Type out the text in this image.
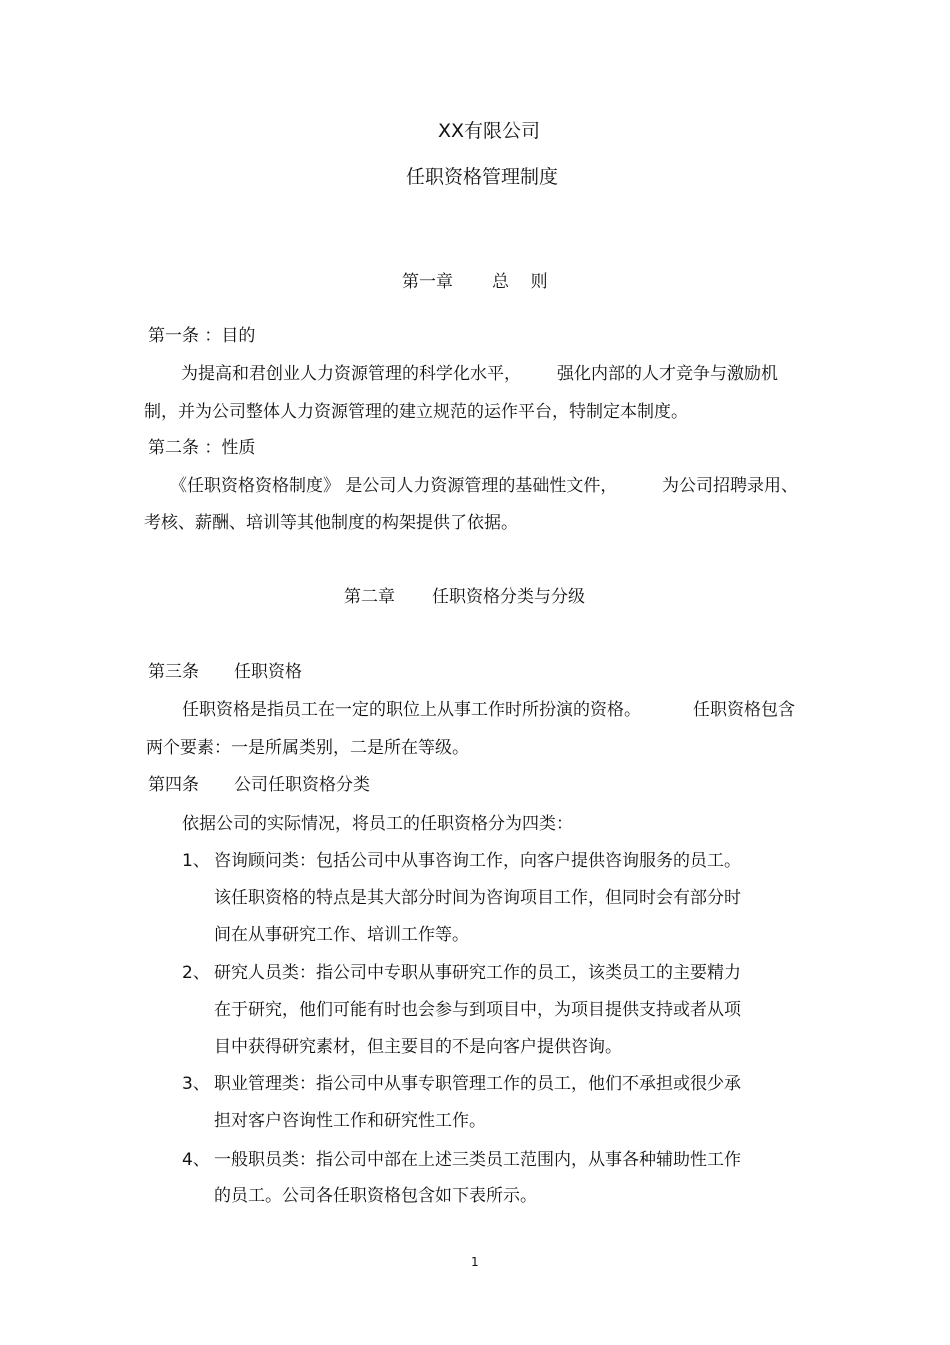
XX有限公司
任职资格管理制度
第一章 总    则
第一条 ：目的
为提高和君创业人力资源管理的科学化水平， 强化内部的人才竞争与激励机
制，并为公司整体人力资源管理的建立规范的运作平台，特制定本制度。
第二条 ：性质
《任职资格资格制度》 是公司人力资源管理的基础性文件，	为公司招聘录用、
考核、薪酬、培训等其他制度的构架提供了依据。
第二章 任职资格分类与分级
第三条 任职资格
任职资格是指员工在一定的职位上从事工作时所扮演的资格。	任职资格包含
两个要素：一是所属类别，二是所在等级。
第四条 公司任职资格分类
依据公司的实际情况，将员工的任职资格分为四类：
1、 咨询顾问类：包括公司中从事咨询工作，向客户提供咨询服务的员工。
该任职资格的特点是其大部分时间为咨询项目工作，但同时会有部分时
间在从事研究工作、培训工作等。
2、 研究人员类：指公司中专职从事研究工作的员工，该类员工的主要精力
在于研究，他们可能有时也会参与到项目中，为项目提供支持或者从项
目中获得研究素材，但主要目的不是向客户提供咨询。
3、 职业管理类：指公司中从事专职管理工作的员工，他们不承担或很少承
担对客户咨询性工作和研究性工作。
4、 一般职员类：指公司中部在上述三类员工范围内，从事各种辅助性工作
的员工。公司各任职资格包含如下表所示。
1
